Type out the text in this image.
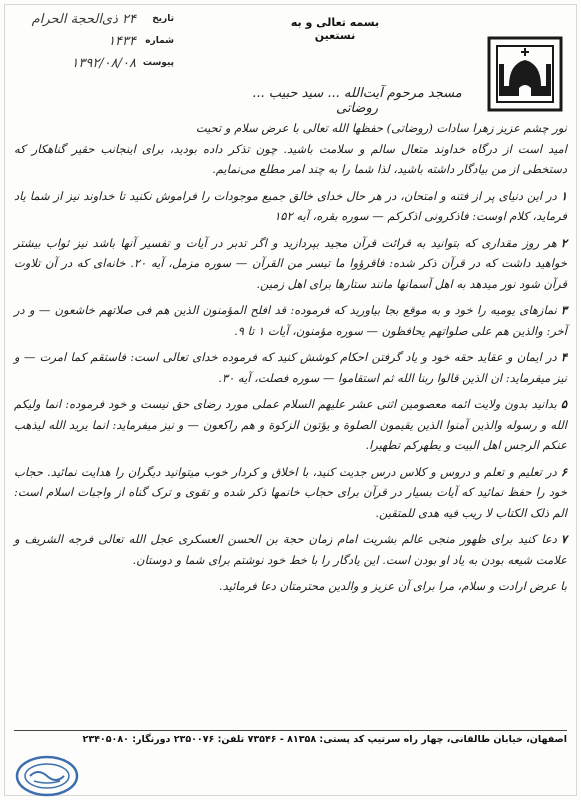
تاریخ
۲۴ ذی‌الحجة الحرام
شماره
۱۴۳۴
پیوست
۱۳۹۲/۰۸/۰۸
بسمه تعالی و به نستعین
مسجد مرحوم آیت‌الله ... سید حبیب ... روضاتی

نور چشم عزیز زهرا سادات (روضاتی) حفظها الله تعالی با عرض سلام و تحیت

امید است از درگاه خداوند متعال سالم و سلامت باشید. چون تذکر داده بودید، برای اینجانب حقیر گناهکار که دستخطی از من بیادگار داشته باشید، لذا شما را به چند امر مطلع می‌نمایم.

۱در این دنیای پر از فتنه و امتحان، در هر حال خدای خالق جمیع موجودات را فراموش نکنید تا خداوند نیز از شما یاد فرماید، کلام اوست: فاذکرونی اذکرکم — سوره بقره، آیه ۱۵۲

۲هر روز مقداری که بتوانید به قرائت قرآن مجید بپردازید و اگر تدبر در آیات و تفسیر آنها باشد نیز ثواب بیشتر خواهید داشت که در قرآن ذکر شده: فاقرؤوا ما تیسر من القرآن — سوره مزمل، آیه ۲۰. خانه‌ای که در آن تلاوت قرآن شود نور میدهد به اهل آسمانها مانند ستارها برای اهل زمین.

۳نمازهای یومیه را خود و به موقع بجا بیاورید که فرموده: قد افلح المؤمنون الذین هم فی صلاتهم خاشعون — و در آخر: والذین هم علی صلواتهم یحافظون — سوره مؤمنون، آیات ۱ تا ۹.

۴در ایمان و عقاید حقه خود و یاد گرفتن احکام کوشش کنید که فرموده خدای تعالی است: فاستقم کما امرت — و نیز میفرماید: ان الذین قالوا ربنا الله ثم استقاموا — سوره فصلت، آیه ۳۰.

۵بدانید بدون ولایت ائمه معصومین اثنی عشر علیهم السلام عملی مورد رضای حق نیست و خود فرموده: انما ولیکم الله و رسوله والذین آمنوا الذین یقیمون الصلوة و یؤتون الزکوة و هم راکعون — و نیز میفرماید: انما یرید الله لیذهب عنکم الرجس اهل البیت و یطهرکم تطهیرا.

۶در تعلیم و تعلم و دروس و کلاس درس جدیت کنید، با اخلاق و کردار خوب میتوانید دیگران را هدایت نمائید. حجاب خود را حفظ نمائید که آیات بسیار در قرآن برای حجاب خانمها ذکر شده و تقوی و ترک گناه از واجبات اسلام است: الم ذلک الکتاب لا ریب فیه هدی للمتقین.

۷دعا کنید برای ظهور منجی عالم بشریت امام زمان حجة بن الحسن العسکری عجل الله تعالی فرجه الشریف و علامت شیعه بودن به یاد او بودن است. این یادگار را با خط خود نوشتم برای شما و دوستان.

با عرض ارادت و سلام، مرا برای آن عزیز و والدین محترمتان دعا فرمائید.

اصفهان، خیابان طالقانی، چهار راه سرتیپ کد پستی: ۸۱۳۵۸ - ۷۳۵۴۶ تلفن: ۲۳۵۰۰۷۶ دورنگار: ۲۳۴۰۵۰۸۰
